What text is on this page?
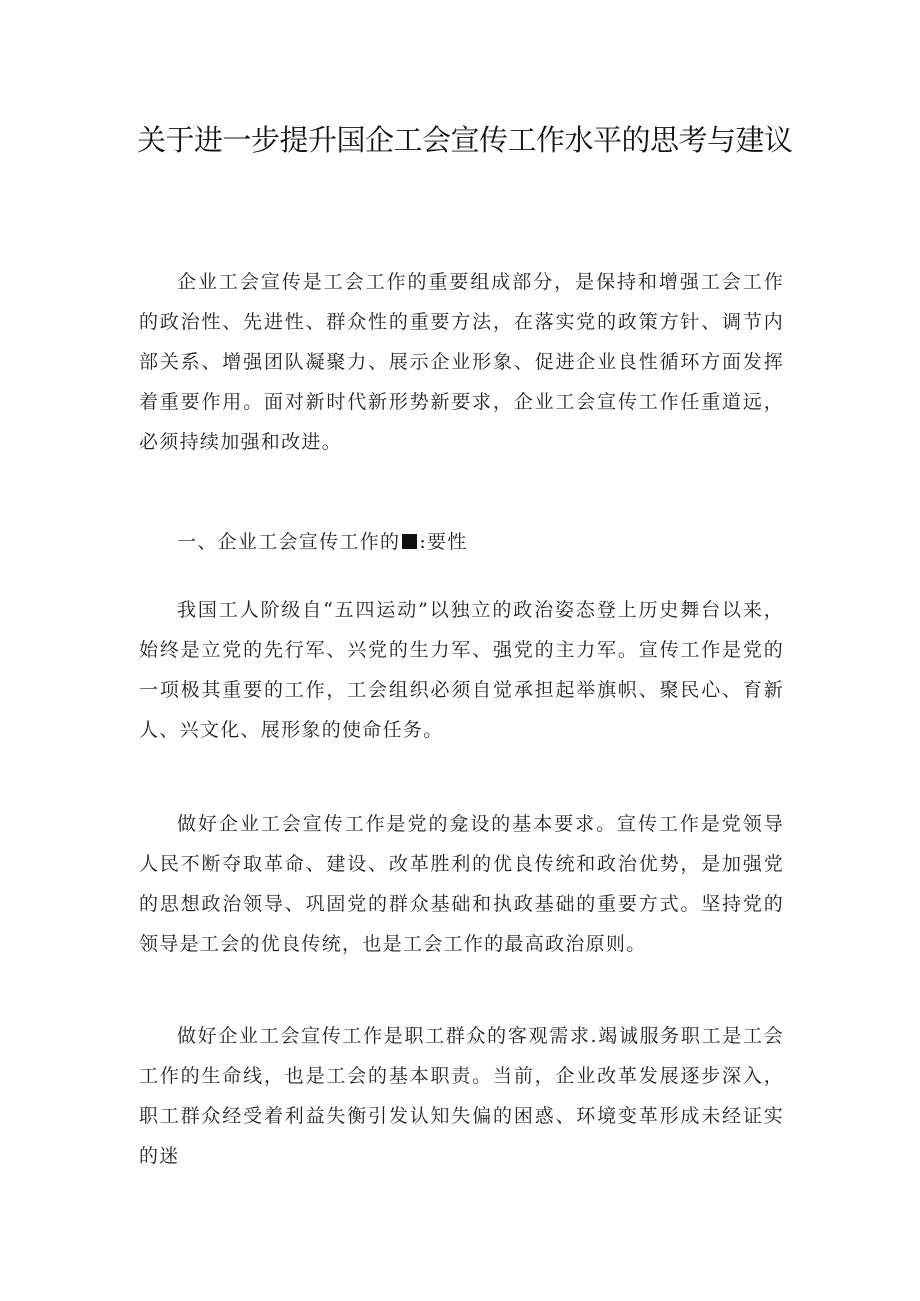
关于进一步提升国企工会宣传工作水平的思考与建议

企业工会宣传是工会工作的重要组成部分，是保持和增强工会工作的政治性、先进性、群众性的重要方法，在落实党的政策方针、调节内部关系、增强团队凝聚力、展示企业形象、促进企业良性循环方面发挥着重要作用。面对新时代新形势新要求，企业工会宣传工作任重道远，必须持续加强和改进。

一、企业工会宣传工作的 :要性

我国工人阶级自“五四运动”以独立的政治姿态登上历史舞台以来，始终是立党的先行军、兴党的生力军、强党的主力军。宣传工作是党的一项极其重要的工作，工会组织必须自觉承担起举旗帜、聚民心、育新人、兴文化、展形象的使命任务。

做好企业工会宣传工作是党的龛设的基本要求。宣传工作是党领导人民不断夺取革命、建设、改革胜利的优良传统和政治优势，是加强党的思想政治领导、巩固党的群众基础和执政基础的重要方式。坚持党的领导是工会的优良传统，也是工会工作的最高政治原则。

做好企业工会宣传工作是职工群众的客观需求.竭诚服务职工是工会工作的生命线，也是工会的基本职责。当前，企业改革发展逐步深入，职工群众经受着利益失衡引发认知失偏的困惑、环境变革形成未经证实的迷
